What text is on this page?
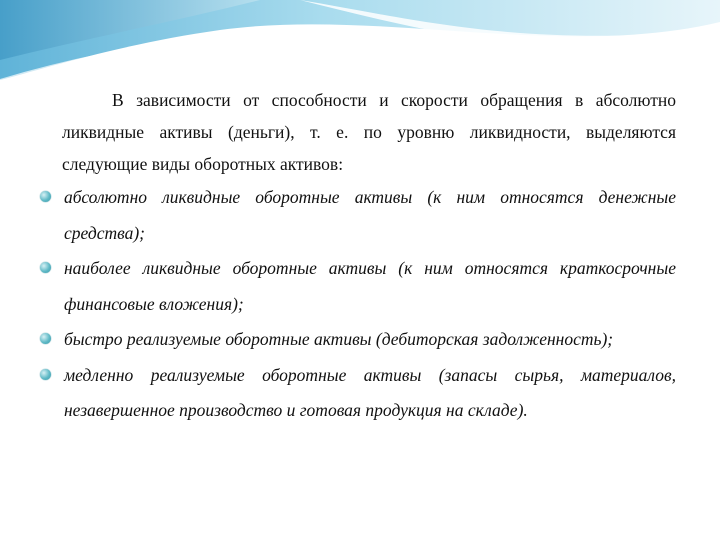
В зависимости от способности и скорости обращения в абсолютно ликвидные активы (деньги), т. е. по уровню ликвидности, выделяются следующие виды оборотных активов:

абсолютно ликвидные оборотные активы (к ним относятся денежные средства);
наиболее ликвидные оборотные активы (к ним относятся краткосрочные финансовые вложения);
быстро реализуемые оборотные активы (дебиторская задолженность);
медленно реализуемые оборотные активы (запасы сырья, материалов, незавершенное производство и готовая продукция на складе).
